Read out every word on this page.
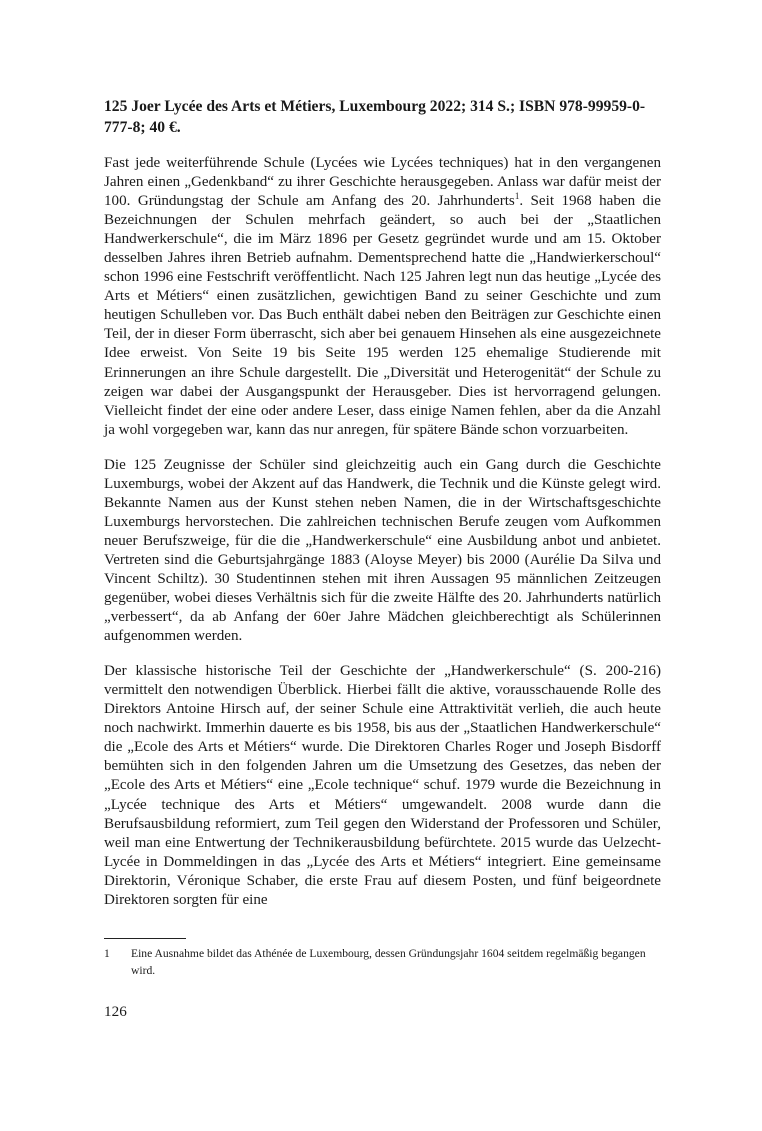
125 Joer Lycée des Arts et Métiers, Luxembourg 2022; 314 S.; ISBN 978-99959-0-777-8; 40 €.

Fast jede weiterführende Schule (Lycées wie Lycées techniques) hat in den vergangenen Jahren einen „Gedenkband“ zu ihrer Geschichte herausgegeben. Anlass war dafür meist der 100. Gründungstag der Schule am Anfang des 20. Jahrhunderts$^1$. Seit 1968 haben die Bezeichnungen der Schulen mehrfach geändert, so auch bei der „Staatlichen Handwerkerschule“, die im März 1896 per Gesetz gegründet wurde und am 15. Oktober desselben Jahres ihren Betrieb aufnahm. Dementsprechend hatte die „Handwierkerschoul“ schon 1996 eine Festschrift veröffentlicht. Nach 125 Jahren legt nun das heutige „Lycée des Arts et Métiers“ einen zusätzlichen, gewichtigen Band zu seiner Geschichte und zum heutigen Schulleben vor. Das Buch enthält dabei neben den Beiträgen zur Geschichte einen Teil, der in dieser Form überrascht, sich aber bei genauem Hinsehen als eine ausgezeichnete Idee erweist. Von Seite 19 bis Seite 195 werden 125 ehemalige Studierende mit Erinnerungen an ihre Schule dargestellt. Die „Diversität und Heterogenität“ der Schule zu zeigen war dabei der Ausgangspunkt der Herausgeber. Dies ist hervorragend gelungen. Vielleicht findet der eine oder andere Leser, dass einige Namen fehlen, aber da die Anzahl ja wohl vorgegeben war, kann das nur anregen, für spätere Bände schon vorzuarbeiten.

Die 125 Zeugnisse der Schüler sind gleichzeitig auch ein Gang durch die Geschichte Luxemburgs, wobei der Akzent auf das Handwerk, die Technik und die Künste gelegt wird. Bekannte Namen aus der Kunst stehen neben Namen, die in der Wirtschaftsgeschichte Luxemburgs hervorstechen. Die zahlreichen technischen Berufe zeugen vom Aufkommen neuer Berufszweige, für die die „Handwerkerschule“ eine Ausbildung anbot und anbietet. Vertreten sind die Geburtsjahrgänge 1883 (Aloyse Meyer) bis 2000 (Aurélie Da Silva und Vincent Schiltz). 30 Studentinnen stehen mit ihren Aussagen 95 männlichen Zeitzeugen gegenüber, wobei dieses Verhältnis sich für die zweite Hälfte des 20. Jahrhunderts natürlich „verbessert“, da ab Anfang der 60er Jahre Mädchen gleichberechtigt als Schülerinnen aufgenommen werden.

Der klassische historische Teil der Geschichte der „Handwerkerschule“ (S. 200-216) vermittelt den notwendigen Überblick. Hierbei fällt die aktive, vorausschauende Rolle des Direktors Antoine Hirsch auf, der seiner Schule eine Attraktivität verlieh, die auch heute noch nachwirkt. Immerhin dauerte es bis 1958, bis aus der „Staatlichen Handwerkerschule“ die „Ecole des Arts et Métiers“ wurde. Die Direktoren Charles Roger und Joseph Bisdorff bemühten sich in den folgenden Jahren um die Umsetzung des Gesetzes, das neben der „Ecole des Arts et Métiers“ eine „Ecole technique“ schuf. 1979 wurde die Bezeichnung in „Lycée technique des Arts et Métiers“ umgewandelt. 2008 wurde dann die Berufsausbildung reformiert, zum Teil gegen den Widerstand der Professoren und Schüler, weil man eine Entwertung der Technikerausbildung befürchtete. 2015 wurde das Uelzecht-Lycée in Dommeldingen in das „Lycée des Arts et Métiers“ integriert. Eine gemeinsame Direktorin, Véronique Schaber, die erste Frau auf diesem Posten, und fünf beigeordnete Direktoren sorgten für eine

1 Eine Ausnahme bildet das Athénée de Luxembourg, dessen Gründungsjahr 1604 seitdem regelmäßig begangen wird.
126
